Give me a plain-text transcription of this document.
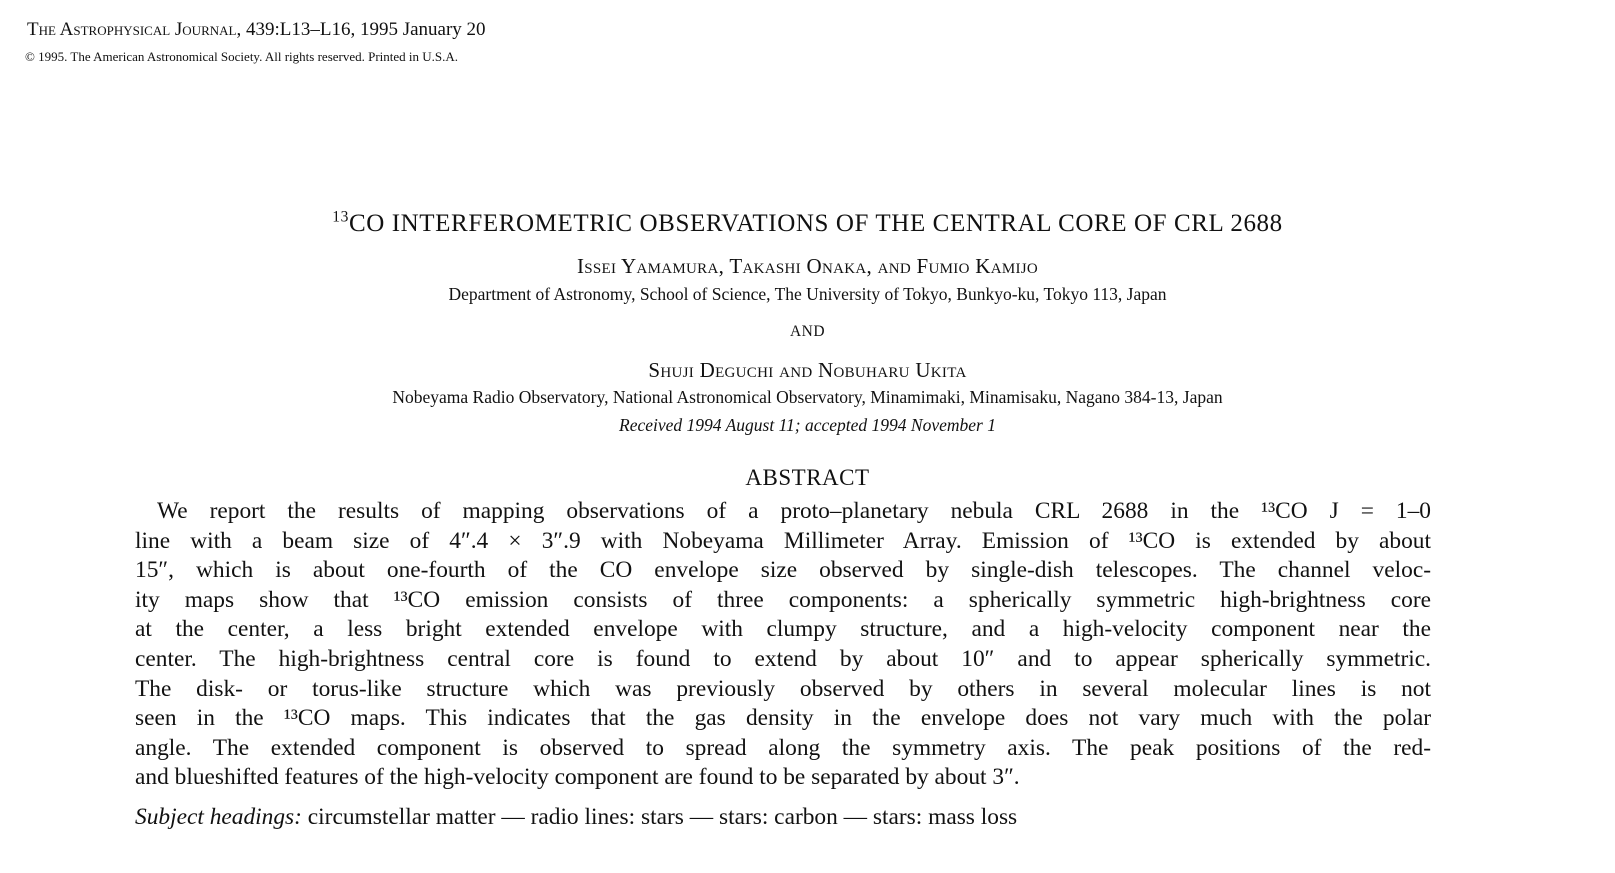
The Astrophysical Journal, 439:L13–L16, 1995 January 20
© 1995. The American Astronomical Society. All rights reserved. Printed in U.S.A.
$^{13}$CO INTERFEROMETRIC OBSERVATIONS OF THE CENTRAL CORE OF CRL 2688
Issei Yamamura, Takashi Onaka, and Fumio Kamijo
Department of Astronomy, School of Science, The University of Tokyo, Bunkyo-ku, Tokyo 113, Japan
AND
Shuji Deguchi and Nobuharu Ukita
Nobeyama Radio Observatory, National Astronomical Observatory, Minamimaki, Minamisaku, Nagano 384-13, Japan
Received 1994 August 11; accepted 1994 November 1
ABSTRACT
We report the results of mapping observations of a proto–planetary nebula CRL 2688 in the ¹³CO J = 1–0
line with a beam size of 4″.4 × 3″.9 with Nobeyama Millimeter Array. Emission of ¹³CO is extended by about
15″, which is about one-fourth of the CO envelope size observed by single-dish telescopes. The channel veloc-
ity maps show that ¹³CO emission consists of three components: a spherically symmetric high-brightness core
at the center, a less bright extended envelope with clumpy structure, and a high-velocity component near the
center. The high-brightness central core is found to extend by about 10″ and to appear spherically symmetric.
The disk- or torus-like structure which was previously observed by others in several molecular lines is not
seen in the ¹³CO maps. This indicates that the gas density in the envelope does not vary much with the polar
angle. The extended component is observed to spread along the symmetry axis. The peak positions of the red-
and blueshifted features of the high-velocity component are found to be separated by about 3″.
Subject headings: circumstellar matter — radio lines: stars — stars: carbon — stars: mass loss
